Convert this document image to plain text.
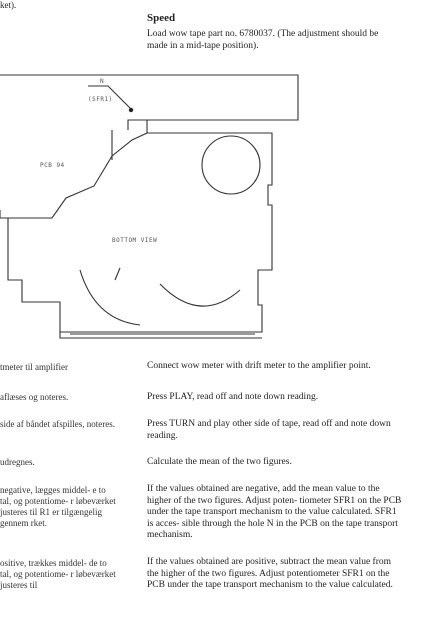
ket).
Speed
Load wow tape part no. 6780037. (The adjustment should be made in a mid-tape position).
N
(SFR1)
PCB 94
BOTTOM VIEW
tmeter til amplifier
aflæses og noteres.
side af båndet afspilles, noteres.
udregnes.
negative, lægges middel- e to tal, og potentiome- r løbeværket justeres til R1 er tilgængelig gennem rket.
ositive, trækkes middel- de to tal, og potentiome- r løbeværket justeres til
Connect wow meter with drift meter to the amplifier point.
Press PLAY, read off and note down reading.
Press TURN and play other side of tape, read off and note down reading.
Calculate the mean of the two figures.
If the values obtained are negative, add the mean value to the higher of the two figures. Adjust poten- tiometer SFR1 on the PCB under the tape transport mechanism to the value calculated. SFR1 is acces- sible through the hole N in the PCB on the tape transport mechanism.
If the values obtained are positive, subtract the mean value from the higher of the two figures. Adjust potentiometer SFR1 on the PCB under the tape transport mechanism to the value calculated.
